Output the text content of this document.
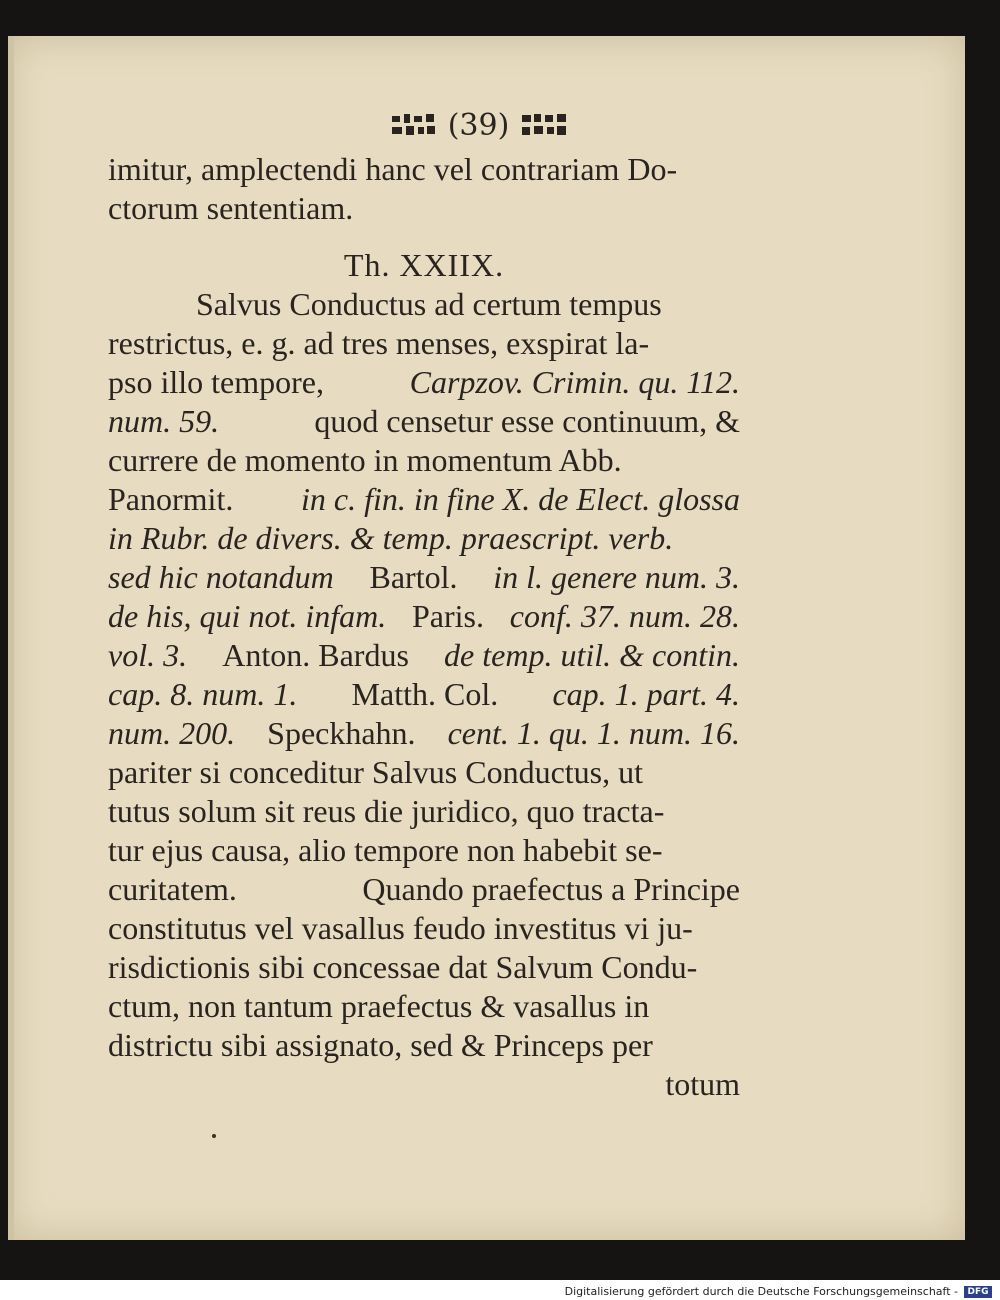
(39)
imitur, amplectendi hanc vel contrariam Do-
ctorum sententiam.
Th. XXIIX.
Salvus Conductus ad certum tempus
restrictus, e. g. ad tres menses, exspirat la-
pso illo tempore,	Carpzov. Crimin. qu. 112.
num. 59.	quod censetur esse continuum, &
currere de momento in momentum Abb.
Panormit. in c. fin. in fine X. de Elect. glossa
in Rubr. de divers. & temp. praescript. verb.
sed hic notandum Bartol. in l. genere num. 3.
de his, qui not. infam. Paris. conf. 37. num. 28.
vol. 3. Anton. Bardus de temp. util. & contin.
cap. 8. num. 1. Matth. Col. cap. 1. part. 4.
num. 200. Speckhahn. cent. 1. qu. 1. num. 16.
pariter si conceditur Salvus Conductus, ut
tutus solum sit reus die juridico, quo tracta-
tur ejus causa, alio tempore non habebit se-
curitatem.	Quando praefectus a Principe
constitutus vel vasallus feudo investitus vi ju-
risdictionis sibi concessae dat Salvum Condu-
ctum, non tantum praefectus & vasallus in
districtu sibi assignato, sed & Princeps per
totum
Digitalisierung gefördert durch die Deutsche Forschungsgemeinschaft -	DFG
